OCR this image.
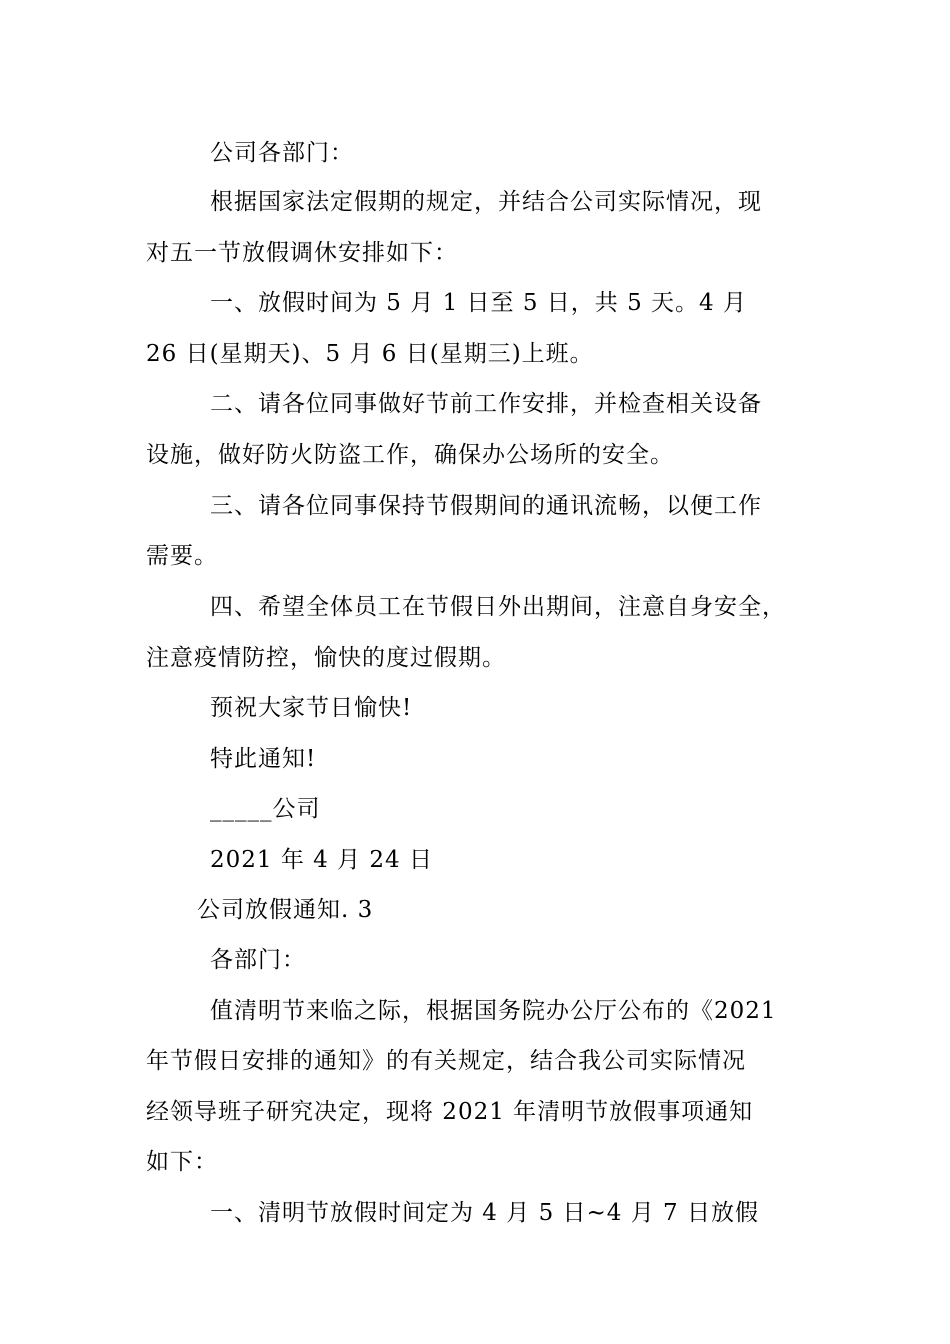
公司各部门：
根据国家法定假期的规定，并结合公司实际情况，现
对五一节放假调休安排如下：
一、放假时间为 5 月 1 日至 5 日，共 5 天。4 月
26 日(星期天)、5 月 6 日(星期三)上班。
二、请各位同事做好节前工作安排，并检查相关设备
设施，做好防火防盗工作，确保办公场所的安全。
三、请各位同事保持节假期间的通讯流畅，以便工作
需要。
四、希望全体员工在节假日外出期间，注意自身安全，
注意疫情防控，愉快的度过假期。
预祝大家节日愉快!
特此通知!
_____公司
2021 年 4 月 24 日
公司放假通知. 3
各部门：
值清明节来临之际，根据国务院办公厅公布的《2021
年节假日安排的通知》的有关规定，结合我公司实际情况
经领导班子研究决定，现将 2021 年清明节放假事项通知
如下：
一、清明节放假时间定为 4 月 5 日~4 月 7 日放假
